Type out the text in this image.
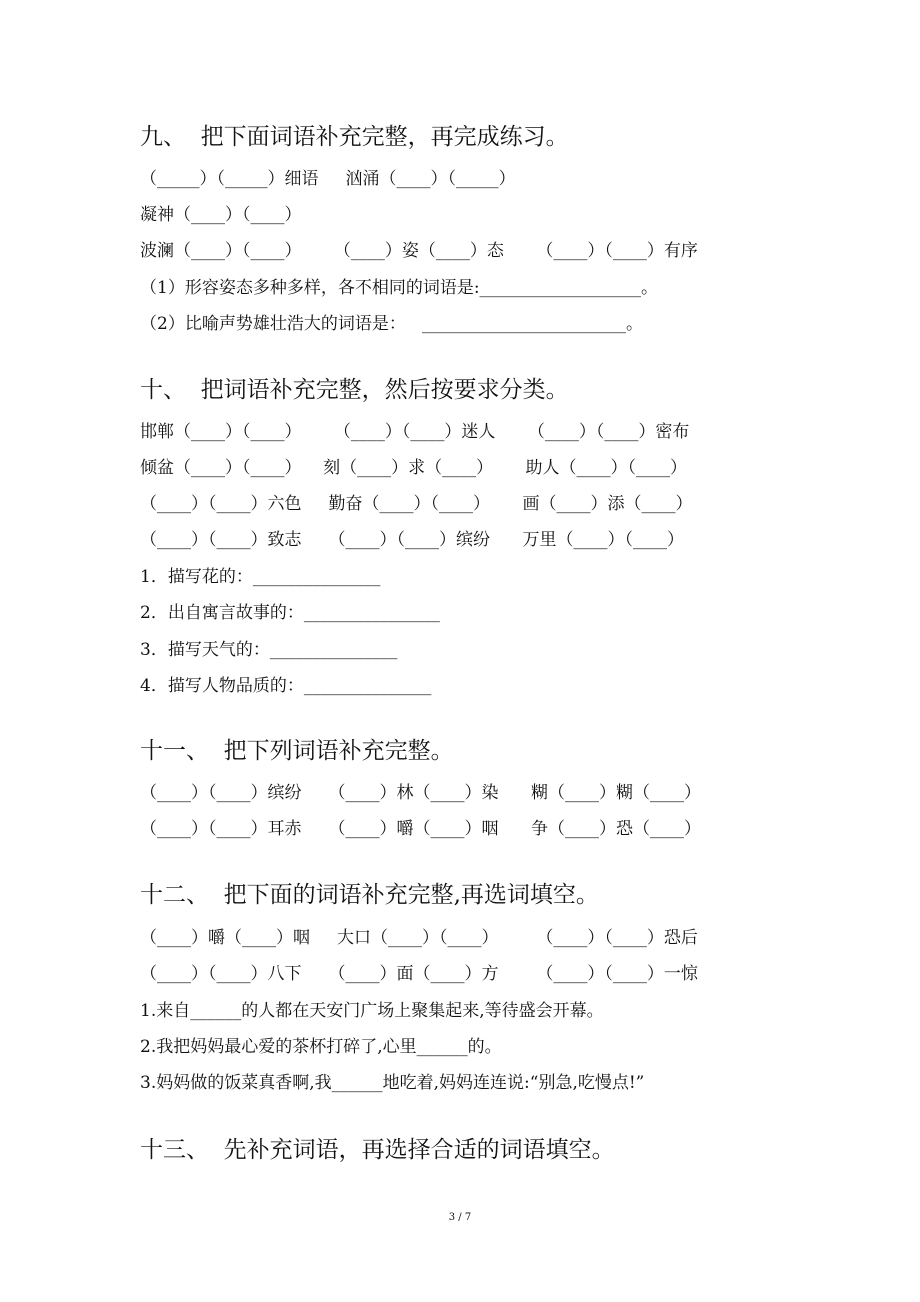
九、  把下面词语补充完整，再完成练习。
（_____）（_____）细语     汹涌（____）（_____）
凝神（____）（____）
波澜（____）（____）      （____）姿（____）态      （____）（____）有序
（1）形容姿态多种多样，各不相同的词语是:___________________。
（2）比喻声势雄壮浩大的词语是：   ________________________。
十、  把词语补充完整，然后按要求分类。
邯郸（____）（____）      （____）（____）迷人      （____）（____）密布
倾盆（____）（____）    刻（____）求（____）      助人（____）（____）
（____）（____）六色     勤奋（____）（____）      画（____）添（____）
（____）（____）致志     （____）（____）缤纷      万里（____）（____）
1．描写花的：_______________
2．出自寓言故事的：________________
3．描写天气的：_______________
4．描写人物品质的：_______________
十一、  把下列词语补充完整。
（____）（____）缤纷     （____）林（____）染      糊（____）糊（____）
（____）（____）耳赤     （____）嚼（____）咽      争（____）恐（____）
十二、  把下面的词语补充完整,再选词填空。
（____）嚼（____）咽     大口（____）（____）       （____）（____）恐后
（____）（____）八下     （____）面（____）方       （____）（____）一惊
1.来自______的人都在天安门广场上聚集起来,等待盛会开幕。
2.我把妈妈最心爱的茶杯打碎了,心里______的。
3.妈妈做的饭菜真香啊,我______地吃着,妈妈连连说:“别急,吃慢点!”
十三、  先补充词语，再选择合适的词语填空。
3 / 7
